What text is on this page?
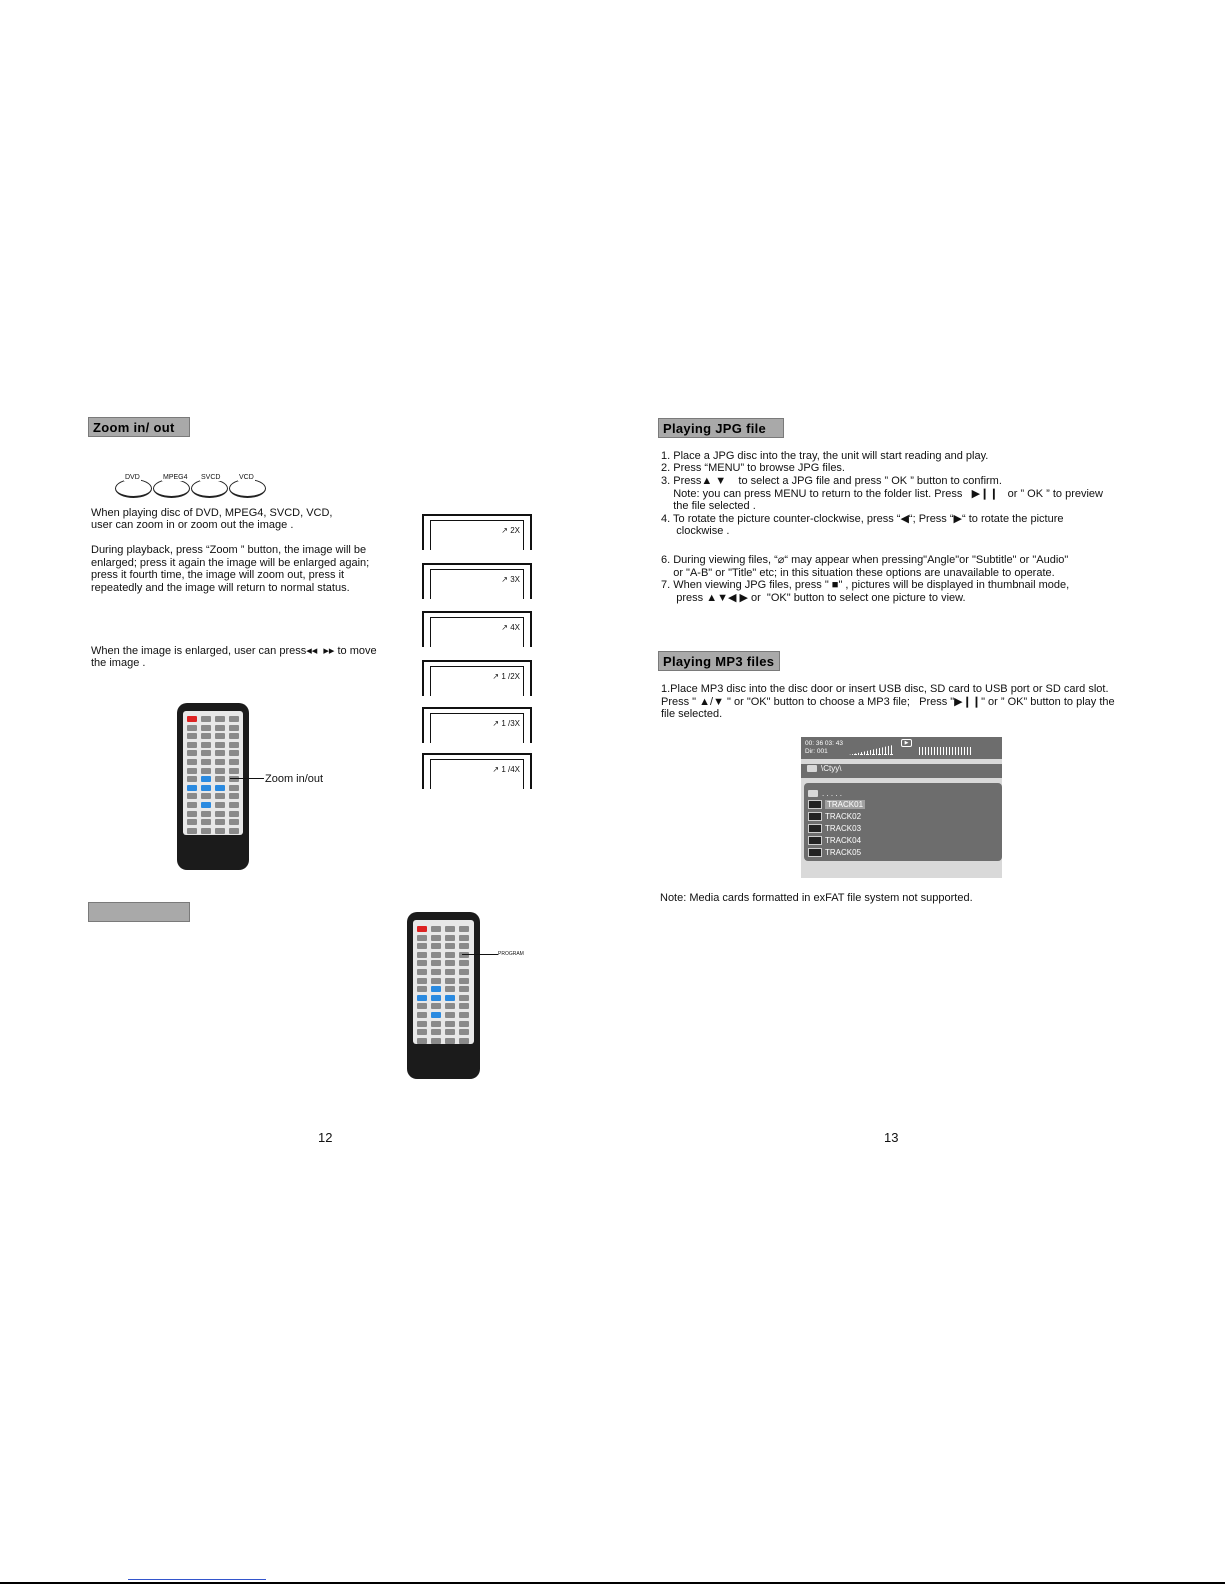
Zoom in/ out
DVD	MPEG4 SVCD	VCD
When playing disc of DVD, MPEG4, SVCD, VCD,
user can zoom in or zoom out the image .
During playback, press “Zoom ” button, the image will be
enlarged; press it again the image will be enlarged again;
press it fourth time, the image will zoom out, press it
repeatedly and the image will return to normal status.
When the image is enlarged, user can press◂◂  ▸▸ to move
the image .
↗ 2X
↗ 3X
↗ 4X
↗ 1 /2X
↗ 1 /3X
↗ 1 /4X
Zoom in/out
PROGRAM
12
Playing JPG file
1. Place a JPG disc into the tray, the unit will start reading and play.
2. Press “MENU” to browse JPG files.
3. Press▲ ▼    to select a JPG file and press ” OK ” button to confirm.
Note: you can press MENU to return to the folder list. Press   ▶❙❙   or ” OK ” to preview
the file selected .
4. To rotate the picture counter-clockwise, press “◀“; Press “▶“ to rotate the picture
clockwise .
6. During viewing files, “⌀“ may appear when pressing"Angle"or "Subtitle" or "Audio"
or "A-B" or "Title" etc; in this situation these options are unavailable to operate.
7. When viewing JPG files, press " ■" , pictures will be displayed in thumbnail mode,
press ▲▼◀ ▶ or  "OK" button to select one picture to view.
Playing MP3 files
1.Place MP3 disc into the disc door or insert USB disc, SD card to USB port or SD card slot.
Press " ▲/▼ " or "OK" button to choose a MP3 file;   Press "▶❙❙" or ” OK” button to play the
file selected.
00: 36 03: 43
Dir: 001
▶
\Ctyy\
. . . . .
TRACK01
TRACK02
TRACK03
TRACK04
TRACK05
Note: Media cards formatted in exFAT file system not supported.
13
